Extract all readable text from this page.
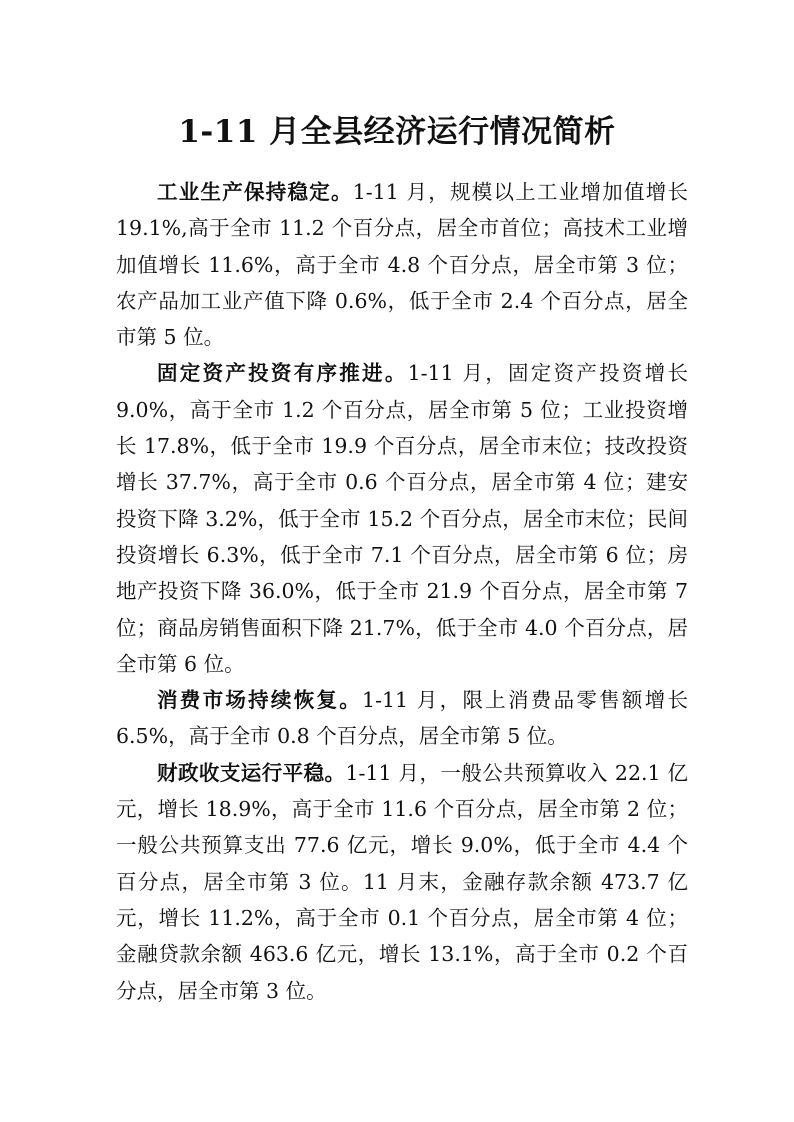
1-11 月全县经济运行情况简析

工业生产保持稳定。1-11 月，规模以上工业增加值增长 19.1%,高于全市 11.2 个百分点，居全市首位；高技术工业增加值增长 11.6%，高于全市 4.8 个百分点，居全市第 3 位；农产品加工业产值下降 0.6%，低于全市 2.4 个百分点，居全市第 5 位。

固定资产投资有序推进。1-11 月，固定资产投资增长 9.0%，高于全市 1.2 个百分点，居全市第 5 位；工业投资增长 17.8%，低于全市 19.9 个百分点，居全市末位；技改投资增长 37.7%，高于全市 0.6 个百分点，居全市第 4 位；建安投资下降 3.2%，低于全市 15.2 个百分点，居全市末位；民间投资增长 6.3%，低于全市 7.1 个百分点，居全市第 6 位；房地产投资下降 36.0%，低于全市 21.9 个百分点，居全市第 7 位；商品房销售面积下降 21.7%，低于全市 4.0 个百分点，居全市第 6 位。

消费市场持续恢复。1-11 月，限上消费品零售额增长 6.5%，高于全市 0.8 个百分点，居全市第 5 位。

财政收支运行平稳。1-11 月，一般公共预算收入 22.1 亿元，增长 18.9%，高于全市 11.6 个百分点，居全市第 2 位；一般公共预算支出 77.6 亿元，增长 9.0%，低于全市 4.4 个百分点，居全市第 3 位。11 月末，金融存款余额 473.7 亿元，增长 11.2%，高于全市 0.1 个百分点，居全市第 4 位；金融贷款余额 463.6 亿元，增长 13.1%，高于全市 0.2 个百分点，居全市第 3 位。
